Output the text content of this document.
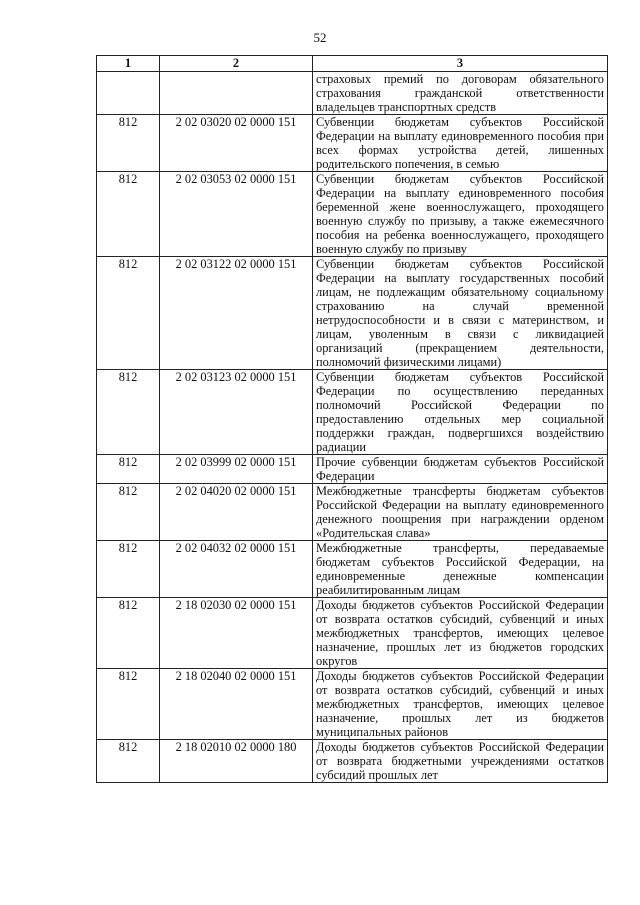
52
1	2	3
		страховых премий по договорам обязательного страхования гражданской ответственности владельцев транспортных средств
812	2 02 03020 02 0000 151	Субвенции бюджетам субъектов Российской Федерации на выплату единовременного пособия при всех формах устройства детей, лишенных родительского попечения, в семью
812	2 02 03053 02 0000 151	Субвенции бюджетам субъектов Российской Федерации на выплату единовременного пособия беременной жене военнослужащего, проходящего военную службу по призыву, а также ежемесячного пособия на ребенка военнослужащего, проходящего военную службу по призыву
812	2 02 03122 02 0000 151	Субвенции бюджетам субъектов Российской Федерации на выплату государственных пособий лицам, не подлежащим обязательному социальному страхованию на случай временной нетрудоспособности и в связи с материнством, и лицам, уволенным в связи с ликвидацией организаций (прекращением деятельности, полномочий физическими лицами)
812	2 02 03123 02 0000 151	Субвенции бюджетам субъектов Российской Федерации по осуществлению переданных полномочий Российской Федерации по предоставлению отдельных мер социальной поддержки граждан, подвергшихся воздействию радиации
812	2 02 03999 02 0000 151	Прочие субвенции бюджетам субъектов Российской Федерации
812	2 02 04020 02 0000 151	Межбюджетные трансферты бюджетам субъектов Российской Федерации на выплату единовременного денежного поощрения при награждении орденом «Родительская слава»
812	2 02 04032 02 0000 151	Межбюджетные трансферты, передаваемые бюджетам субъектов Российской Федерации, на единовременные денежные компенсации реабилитированным лицам
812	2 18 02030 02 0000 151	Доходы бюджетов субъектов Российской Федерации от возврата остатков субсидий, субвенций и иных межбюджетных трансфертов, имеющих целевое назначение, прошлых лет из бюджетов городских округов
812	2 18 02040 02 0000 151	Доходы бюджетов субъектов Российской Федерации от возврата остатков субсидий, субвенций и иных межбюджетных трансфертов, имеющих целевое назначение, прошлых лет из бюджетов муниципальных районов
812	2 18 02010 02 0000 180	Доходы бюджетов субъектов Российской Федерации от возврата бюджетными учреждениями остатков субсидий прошлых лет
